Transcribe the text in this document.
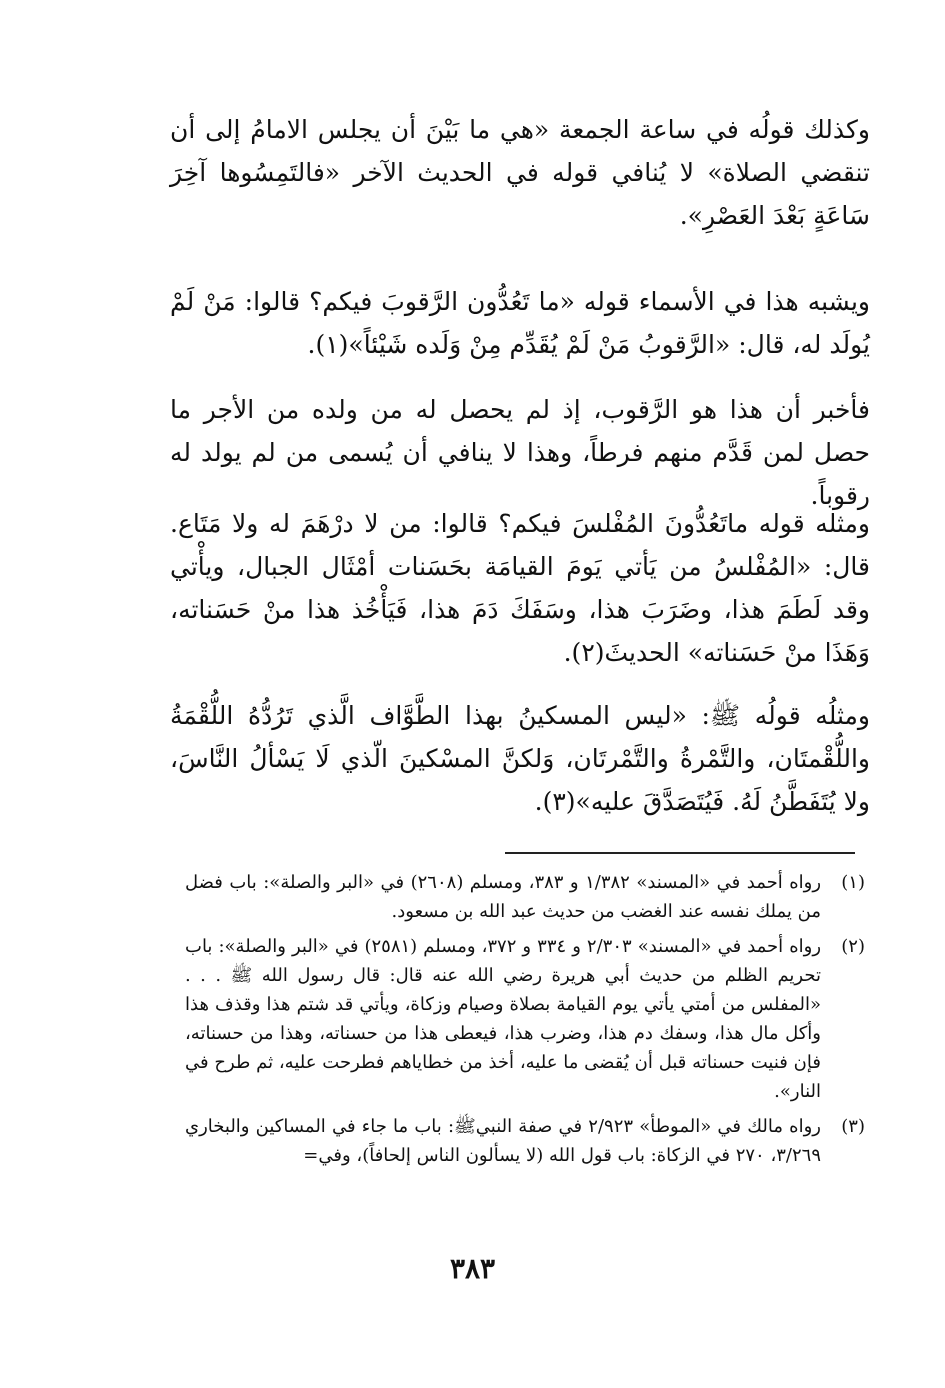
وكذلك قولُه في ساعة الجمعة «هي ما بَيْنَ أن يجلس الامامُ إلى أن تنقضي الصلاة» لا يُنافي قوله في الحديث الآخر «فالتَمِسُوها آخِرَ سَاعَةٍ بَعْدَ العَصْرِ».

ويشبه هذا في الأسماء قوله «ما تَعُدُّون الرَّقوبَ فيكم؟ قالوا: مَنْ لَمْ يُولَد له، قال: «الرَّقوبُ مَنْ لَمْ يُقَدِّم مِنْ وَلَده شَيْئاً»(١).

فأخبر أن هذا هو الرَّقوب، إذ لم يحصل له من ولده من الأجر ما حصل لمن قَدَّم منهم فرطاً، وهذا لا ينافي أن يُسمى من لم يولد له رقوباً.

ومثله قوله ماتَعُدُّونَ المُفْلسَ فيكم؟ قالوا: من لا درْهَمَ له ولا مَتَاع. قال: «المُفْلسُ من يَأتي يَومَ القيامَة بحَسَنات أمْثَال الجبال، ويأْتي وقد لَطَمَ هذا، وضَرَبَ هذا، وسَفَكَ دَمَ هذا، فَيَأْخُذ هذا منْ حَسَناته، وَهَذَا منْ حَسَناته» الحديثَ(٢).

ومثلُه قولُه ﷺ: «ليس المسكينُ بهذا الطَّوَّاف الَّذي تَرُدُّهُ اللُّقْمَةُ واللُّقْمتَان، والتَّمْرةُ والتَّمْرتَان، وَلكنَّ المسْكينَ الّذي لَا يَسْألُ النَّاسَ، ولا يُتَفَطَّنُ لَهُ. فَيُتَصَدَّقَ عليه»(٣).

(١)
رواه أحمد في «المسند» ١/٣٨٢ و ٣٨٣، ومسلم (٢٦٠٨) في «البر والصلة»: باب فضل من يملك نفسه عند الغضب من حديث عبد الله بن مسعود.
(٢)
رواه أحمد في «المسند» ٢/٣٠٣ و ٣٣٤ و ٣٧٢، ومسلم (٢٥٨١) في «البر والصلة»: باب تحريم الظلم من حديث أبي هريرة رضي الله عنه قال: قال رسول الله ﷺ . . . «المفلس من أمتي يأتي يوم القيامة بصلاة وصيام وزكاة، ويأتي قد شتم هذا وقذف هذا وأكل مال هذا، وسفك دم هذا، وضرب هذا، فيعطى هذا من حسناته، وهذا من حسناته، فإن فنيت حسناته قبل أن يُقضى ما عليه، أخذ من خطاياهم فطرحت عليه، ثم طرح في النار».
(٣)
رواه مالك في «الموطأ» ٢/٩٢٣ في صفة النبيﷺ: باب ما جاء في المساكين والبخاري ٣/٢٦٩، ٢٧٠ في الزكاة: باب قول الله (لا يسألون الناس إلحافاً)، وفي=
٣٨٣
